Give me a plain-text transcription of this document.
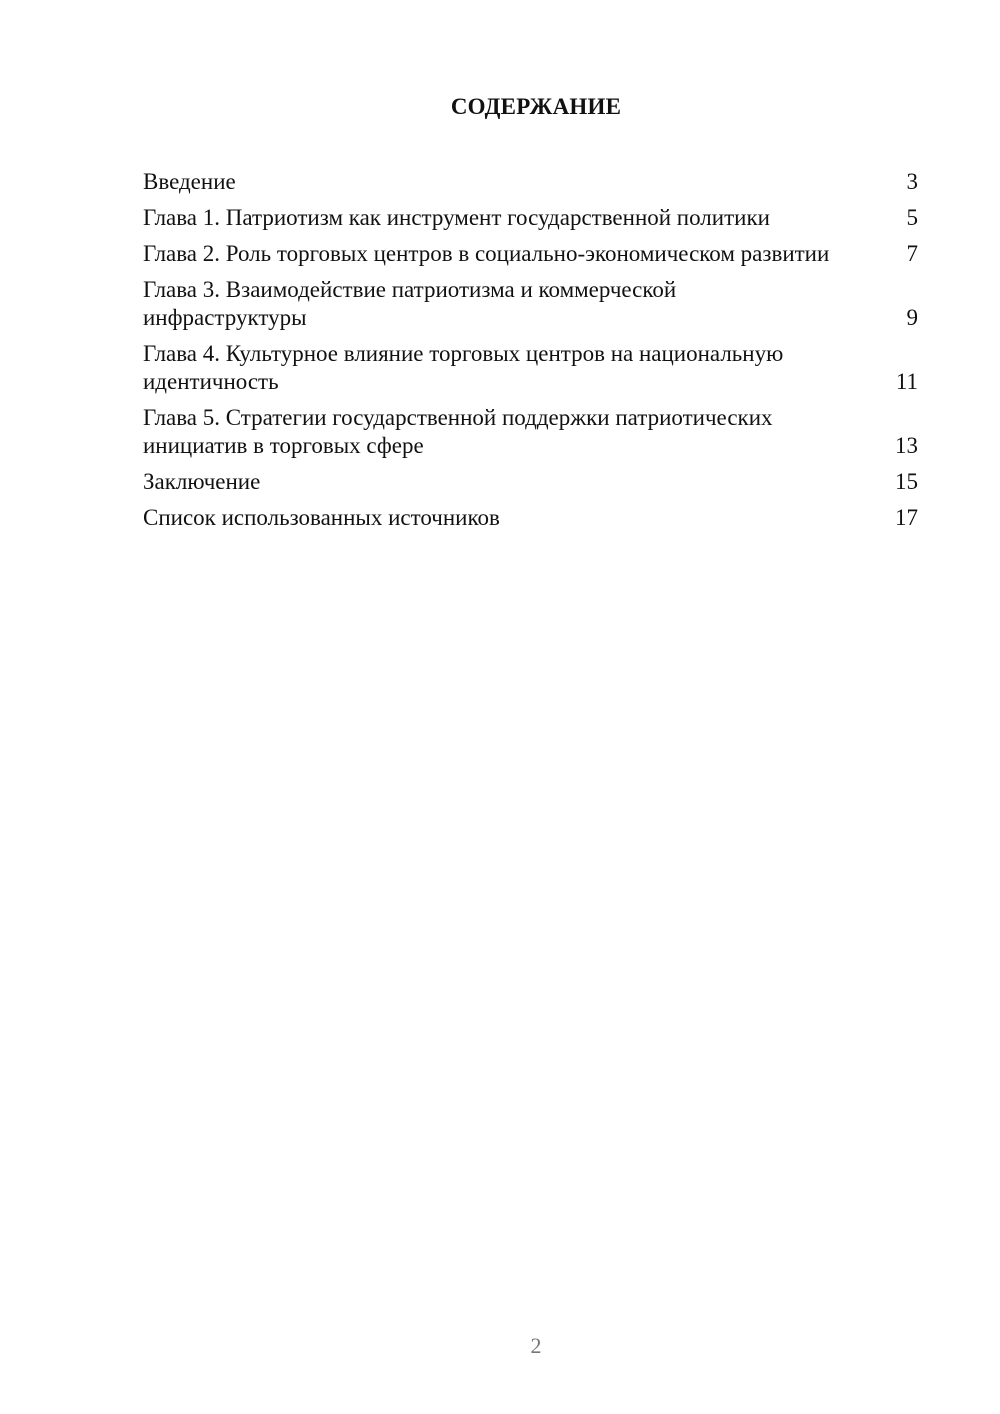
СОДЕРЖАНИЕ
Введение	3
Глава 1. Патриотизм как инструмент государственной политики	5
Глава 2. Роль торговых центров в социально-экономическом развитии	7
Глава 3. Взаимодействие патриотизма и коммерческой инфраструктуры	9
Глава 4. Культурное влияние торговых центров на национальную идентичность	11
Глава 5. Стратегии государственной поддержки патриотических инициатив в торговых сфере	13
Заключение	15
Список использованных источников	17
2
